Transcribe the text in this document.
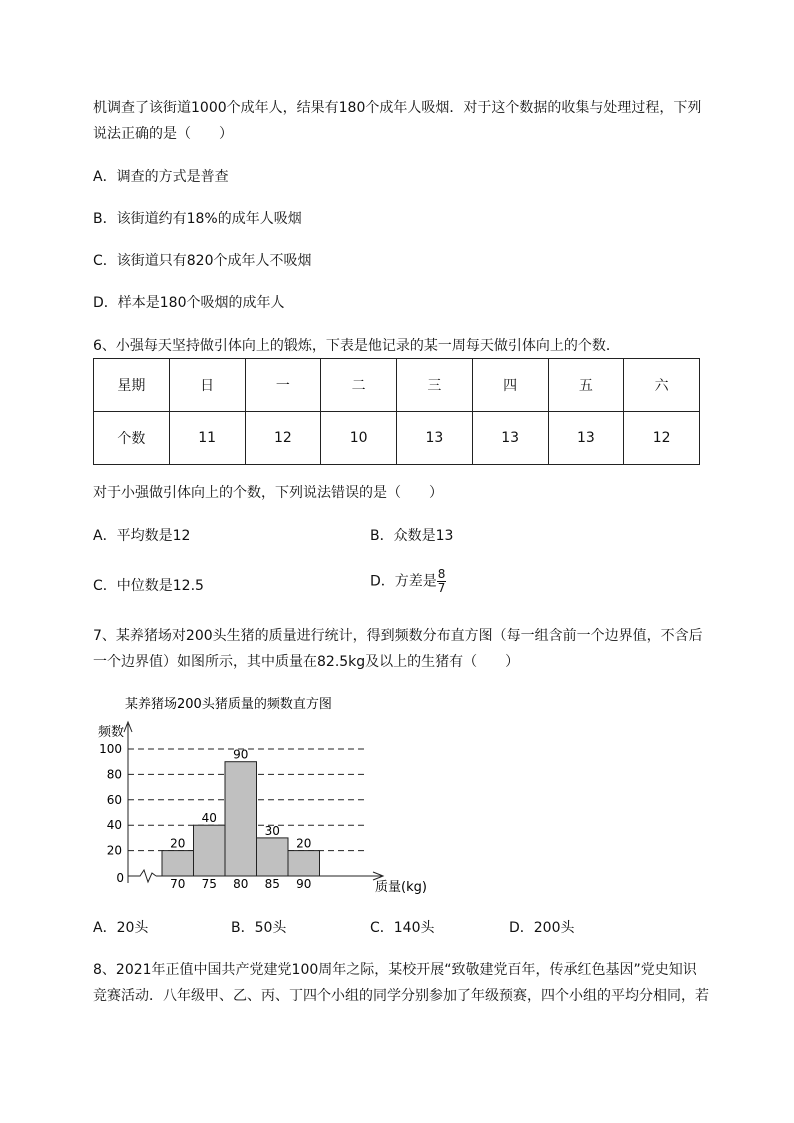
机调查了该街道1000个成年人，结果有180个成年人吸烟．对于这个数据的收集与处理过程，下列
说法正确的是（　　）
A．调查的方式是普查
B．该街道约有18%的成年人吸烟
C．该街道只有820个成年人不吸烟
D．样本是180个吸烟的成年人
6、小强每天坚持做引体向上的锻炼，下表是他记录的某一周每天做引体向上的个数．
星期	日	一	二	三	四	五	六
个数	11	12	10	13	13	13	12
对于小强做引体向上的个数，下列说法错误的是（　　）
A．平均数是12	B．众数是13
C．中位数是12.5	D．方差是 $\frac{8}{7}$
7、某养猪场对200头生猪的质量进行统计，得到频数分布直方图（每一组含前一个边界值，不含后
一个边界值）如图所示，其中质量在82.5kg及以上的生猪有（　　）
某养猪场200头猪质量的频数直方图
频数
质量(kg)
20
40
90
30
20
0
20
40
60
80
100
70 75 80 85 90
A．20头	B．50头	C．140头	D．200头
8、2021年正值中国共产党建党100周年之际，某校开展“致敬建党百年，传承红色基因”党史知识
竞赛活动．八年级甲、乙、丙、丁四个小组的同学分别参加了年级预赛，四个小组的平均分相同，若
